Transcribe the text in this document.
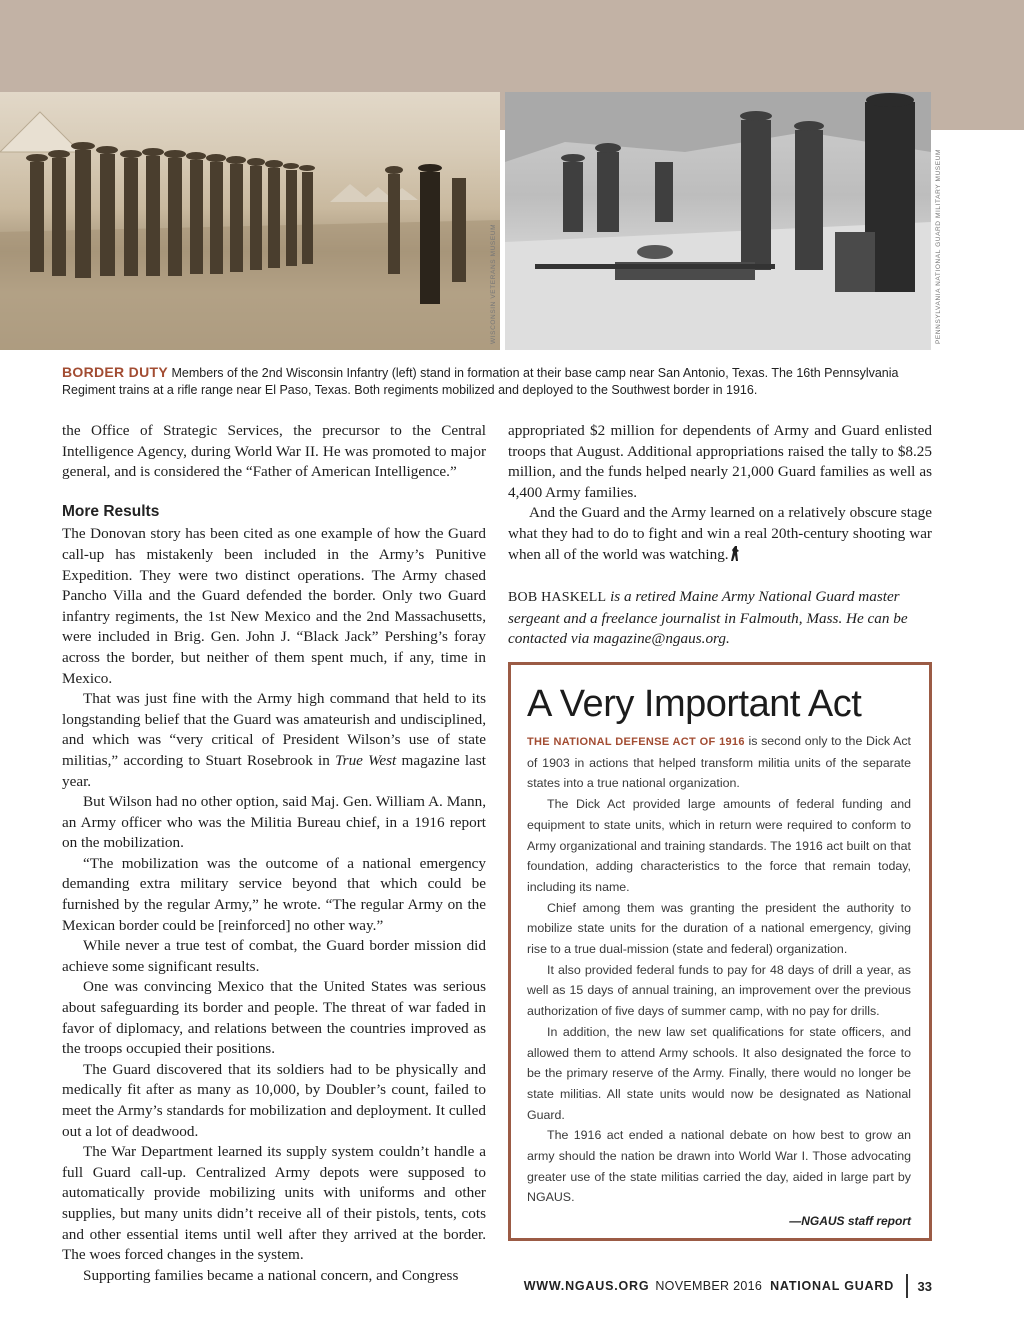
WISCONSIN VETERANS MUSEUM	PENNSYLVANIA NATIONAL GUARD MILITARY MUSEUM
BORDER DUTY Members of the 2nd Wisconsin Infantry (left) stand in formation at their base camp near San Antonio, Texas. The 16th Pennsylvania Regiment trains at a rifle range near El Paso, Texas. Both regiments mobilized and deployed to the Southwest border in 1916.

the Office of Strategic Services, the precursor to the Central Intelligence Agency, during World War II. He was promoted to major general, and is considered the “Father of American Intelligence.”

More Results

The Donovan story has been cited as one example of how the Guard call-up has mistakenly been included in the Army’s Punitive Expedition. They were two distinct operations. The Army chased Pancho Villa and the Guard defended the border. Only two Guard infantry regiments, the 1st New Mexico and the 2nd Massachusetts, were included in Brig. Gen. John J. “Black Jack” Pershing’s foray across the border, but neither of them spent much, if any, time in Mexico.

That was just fine with the Army high command that held to its longstanding belief that the Guard was amateurish and undisciplined, and which was “very critical of President Wilson’s use of state militias,” according to Stuart Rosebrook in True West magazine last year.

But Wilson had no other option, said Maj. Gen. William A. Mann, an Army officer who was the Militia Bureau chief, in a 1916 report on the mobilization.

“The mobilization was the outcome of a national emergency demanding extra military service beyond that which could be furnished by the regular Army,” he wrote. “The regular Army on the Mexican border could be [reinforced] no other way.”

While never a true test of combat, the Guard border mission did achieve some significant results.

One was convincing Mexico that the United States was serious about safeguarding its border and people. The threat of war faded in favor of diplomacy, and relations between the countries improved as the troops occupied their positions.

The Guard discovered that its soldiers had to be physically and medically fit after as many as 10,000, by Doubler’s count, failed to meet the Army’s standards for mobilization and deployment. It culled out a lot of deadwood.

The War Department learned its supply system couldn’t handle a full Guard call-up. Centralized Army depots were supposed to automatically provide mobilizing units with uniforms and other supplies, but many units didn’t receive all of their pistols, tents, cots and other essential items until well after they arrived at the border. The woes forced changes in the system.

Supporting families became a national concern, and Congress

appropriated $2 million for dependents of Army and Guard enlisted troops that August. Additional appropriations raised the tally to $8.25 million, and the funds helped nearly 21,000 Guard families as well as 4,400 Army families.

And the Guard and the Army learned on a relatively obscure stage what they had to do to fight and win a real 20th-century shooting war when all of the world was watching.

BOB HASKELL is a retired Maine Army National Guard master sergeant and a freelance journalist in Falmouth, Mass. He can be contacted via magazine@ngaus.org.

A Very Important Act

THE NATIONAL DEFENSE ACT OF 1916 is second only to the Dick Act of 1903 in actions that helped transform militia units of the separate states into a true national organization.

The Dick Act provided large amounts of federal funding and equipment to state units, which in return were required to conform to Army organizational and training standards. The 1916 act built on that foundation, adding characteristics to the force that remain today, including its name.

Chief among them was granting the president the authority to mobilize state units for the duration of a national emergency, giving rise to a true dual-mission (state and federal) organization.

It also provided federal funds to pay for 48 days of drill a year, as well as 15 days of annual training, an improvement over the previous authorization of five days of summer camp, with no pay for drills.

In addition, the new law set qualifications for state officers, and allowed them to attend Army schools. It also designated the force to be the primary reserve of the Army. Finally, there would no longer be state militias. All state units would now be designated as National Guard.

The 1916 act ended a national debate on how best to grow an army should the nation be drawn into World War I. Those advocating greater use of the state militias carried the day, aided in large part by NGAUS.

—NGAUS staff report
WWW.NGAUS.ORG NOVEMBER 2016 NATIONAL GUARD 33
